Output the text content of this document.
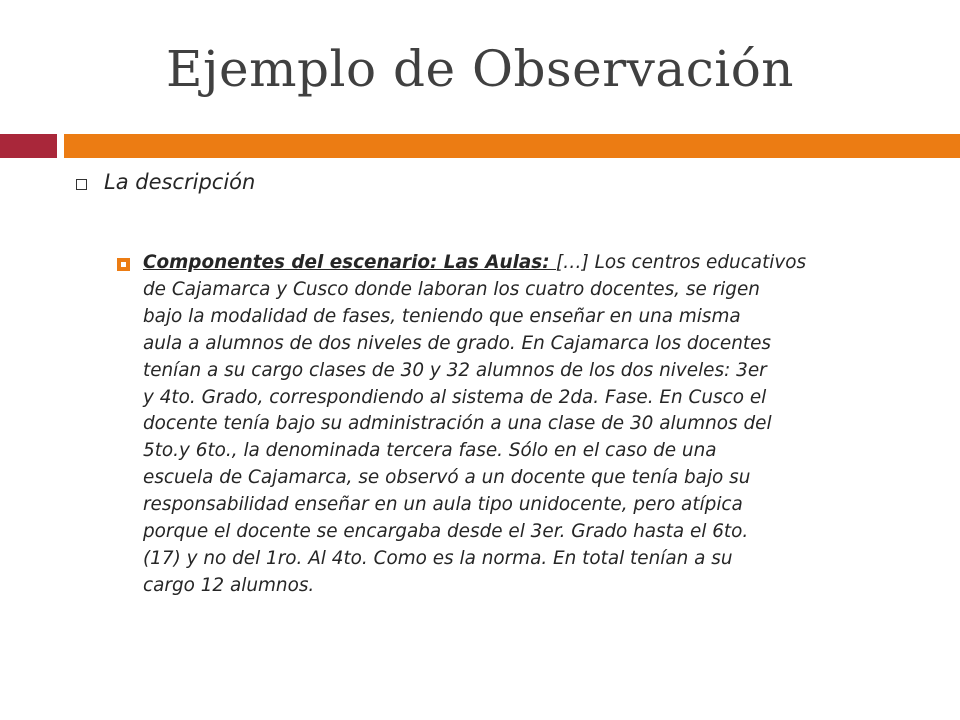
Ejemplo de Observación
La descripción
Componentes del escenario: Las Aulas: […] Los centros educativos
de Cajamarca y Cusco donde laboran los cuatro docentes, se rigen
bajo la modalidad de fases, teniendo que enseñar en una misma
aula a alumnos de dos niveles de grado. En Cajamarca los docentes
tenían a su cargo clases de 30 y 32 alumnos de los dos niveles: 3er
y 4to. Grado, correspondiendo al sistema de 2da. Fase. En Cusco el
docente tenía bajo su administración a una clase de 30 alumnos del
5to.y 6to., la denominada tercera fase. Sólo en el caso de una
escuela de Cajamarca, se observó a un docente que tenía bajo su
responsabilidad enseñar en un aula tipo unidocente, pero atípica
porque el docente se encargaba desde el 3er. Grado hasta el 6to.
(17) y no del 1ro. Al 4to. Como es la norma. En total tenían a su
cargo 12 alumnos.
